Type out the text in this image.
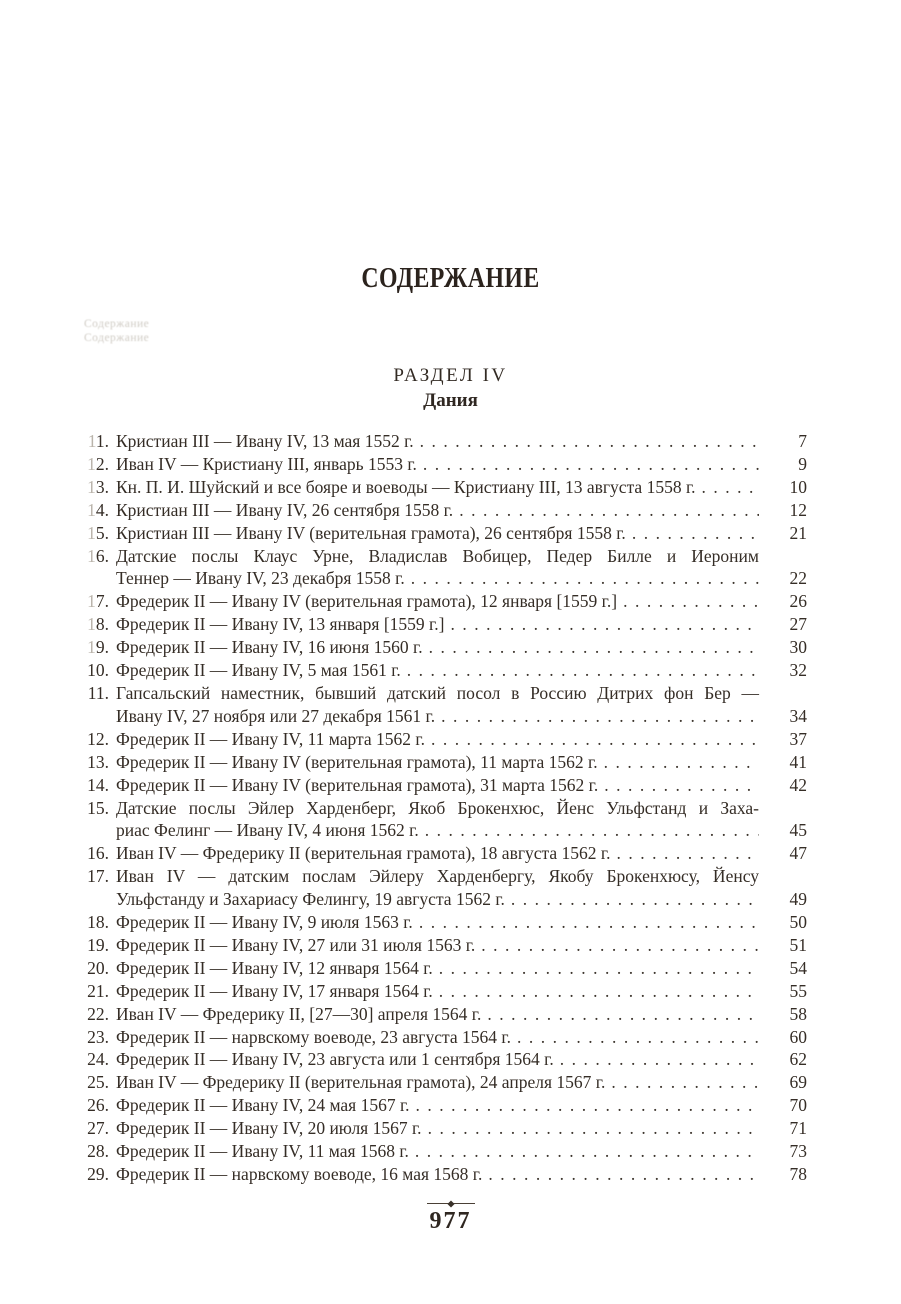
СОДЕРЖАНИЕ
Содержание
Содержание
РАЗДЕЛ IV
Дания
11. Кристиан III — Ивану IV, 13 мая 1552 г. .....	7
12. Иван IV — Кристиану III, январь 1553 г. .....	9
13. Кн. П. И. Шуйский и все бояре и воеводы — Кристиану III, 13 августа 1558 г. .....	10
14. Кристиан III — Ивану IV, 26 сентября 1558 г. .....	12
15. Кристиан III — Ивану IV (верительная грамота), 26 сентября 1558 г. .....	21
16. Датские послы Клаус Урне, Владислав Вобицер, Педер Билле и Иероним
Теннер — Ивану IV, 23 декабря 1558 г. .....	22
17. Фредерик II — Ивану IV (верительная грамота), 12 января [1559 г.] .....	26
18. Фредерик II — Ивану IV, 13 января [1559 г.] .....	27
19. Фредерик II — Ивану IV, 16 июня 1560 г. .....	30
10. Фредерик II — Ивану IV, 5 мая 1561 г. .....	32
11. Гапсальский наместник, бывший датский посол в Россию Дитрих фон Бер —
Ивану IV, 27 ноября или 27 декабря 1561 г. .....	34
12. Фредерик II — Ивану IV, 11 марта 1562 г. .....	37
13. Фредерик II — Ивану IV (верительная грамота), 11 марта 1562 г. .....	41
14. Фредерик II — Ивану IV (верительная грамота), 31 марта 1562 г. .....	42
15. Датские послы Эйлер Харденберг, Якоб Брокенхюс, Йенс Ульфстанд и Заха-
риас Фелинг — Ивану IV, 4 июня 1562 г. .....	45
16. Иван IV — Фредерику II (верительная грамота), 18 августа 1562 г. .....	47
17. Иван IV — датским послам Эйлеру Харденбергу, Якобу Брокенхюсу, Йенсу
Ульфстанду и Захариасу Фелингу, 19 августа 1562 г. .....	49
18. Фредерик II — Ивану IV, 9 июля 1563 г. .....	50
19. Фредерик II — Ивану IV, 27 или 31 июля 1563 г. .....	51
20. Фредерик II — Ивану IV, 12 января 1564 г. .....	54
21. Фредерик II — Ивану IV, 17 января 1564 г. .....	55
22. Иван IV — Фредерику II, [27—30] апреля 1564 г. .....	58
23. Фредерик II — нарвскому воеводе, 23 августа 1564 г. .....	60
24. Фредерик II — Ивану IV, 23 августа или 1 сентября 1564 г. .....	62
25. Иван IV — Фредерику II (верительная грамота), 24 апреля 1567 г. .....	69
26. Фредерик II — Ивану IV, 24 мая 1567 г. .....	70
27. Фредерик II — Ивану IV, 20 июля 1567 г. .....	71
28. Фредерик II — Ивану IV, 11 мая 1568 г. .....	73
29. Фредерик II — нарвскому воеводе, 16 мая 1568 г. .....	78
977
